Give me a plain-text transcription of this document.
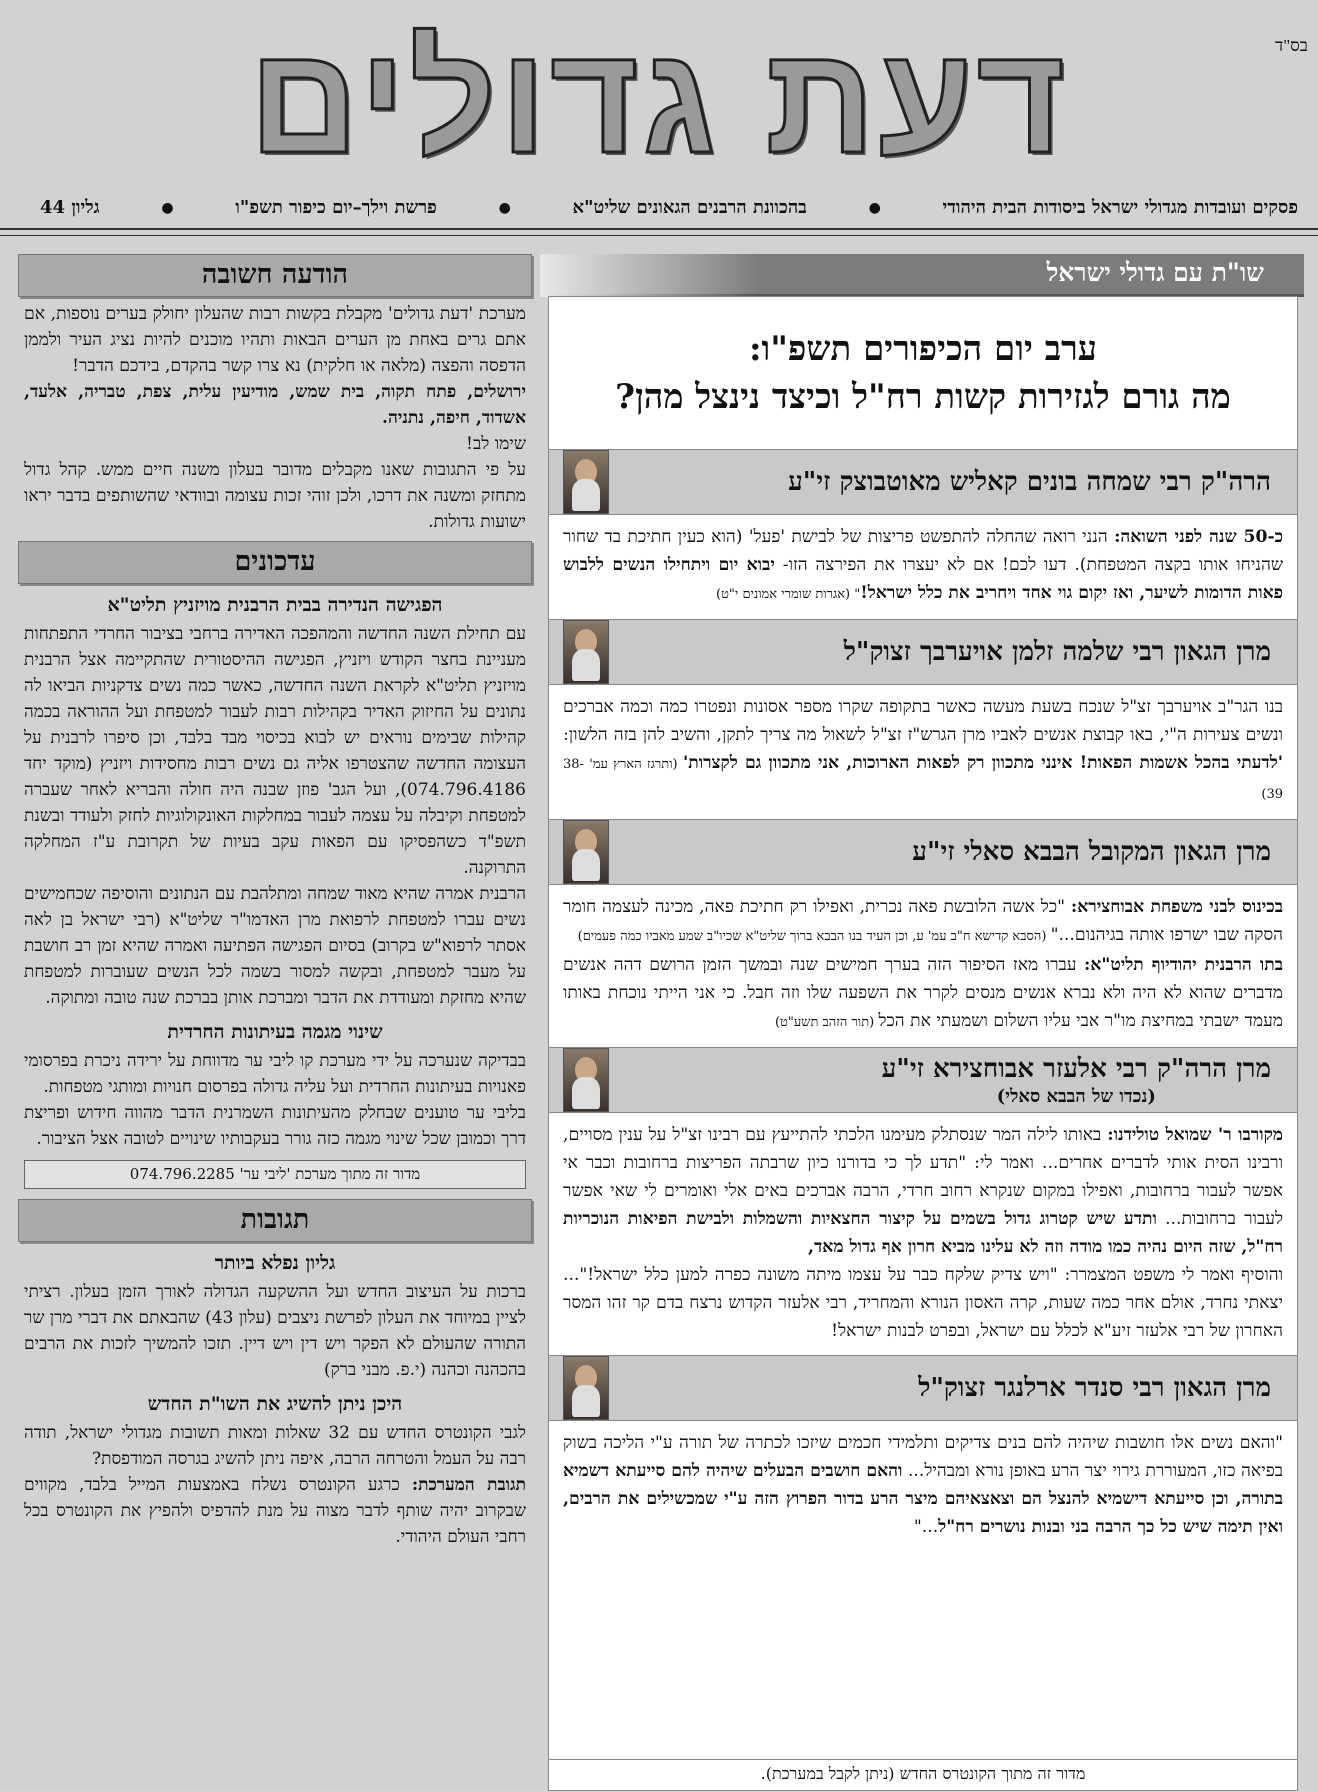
בס"ד
דעת גדולים
פסקים ועובדות מגדולי ישראל ביסודות הבית היהודי
●
בהכוונת הרבנים הגאונים שליט"א
●
פרשת וילך–יום כיפור תשפ"ו
●
גליון 44
שו"ת עם גדולי ישראל
ערב יום הכיפורים תשפ"ו:
מה גורם לגזירות קשות רח"ל וכיצד נינצל מהן?
הרה"ק רבי שמחה בונים קאליש מאוטבוצק זי"ע
כ-50 שנה לפני השואה: הנני רואה שהחלה להתפשט פריצות של לבישת 'פעל' (הוא כעין חתיכת בד שחור שהניחו אותו בקצה המטפחת). דעו לכם! אם לא יעצרו את הפירצה הזו- יבוא יום ויתחילו הנשים ללבוש פאות הדומות לשיער, ואז יקום גוי אחד ויחריב את כלל ישראל!" (אגרות שומרי אמונים י"ט)
מרן הגאון רבי שלמה זלמן אויערבך זצוק"ל
בנו הגר"ב אויערבך זצ"ל שנכח בשעת מעשה כאשר בתקופה שקרו מספר אסונות ונפטרו כמה וכמה אברכים ונשים צעירות ה"י, באו קבוצת אנשים לאביו מרן הגרש"ז זצ"ל לשאול מה צריך לתקן, והשיב להן בזה הלשון: 'לדעתי בהכל אשמות הפאות! אינני מתכוון רק לפאות הארוכות, אני מתכוון גם לקצרות' (ותרגז הארץ עמ' 38-39)
מרן הגאון המקובל הבבא סאלי זי"ע
בכינוס לבני משפחת אבוחצירא: "כל אשה הלובשת פאה נכרית, ואפילו רק חתיכת פאה, מכינה לעצמה חומר הסקה שבו ישרפו אותה בגיהנום..." (הסבא קדישא ח"ב עמ' ע, וכן העיד בנו הבבא ברוך שליט"א שכיו"ב שמע מאביו כמה פעמים)
בתו הרבנית יהודיוף תליט"א: עברו מאז הסיפור הזה בערך חמישים שנה ובמשך הזמן הרושם דהה אנשים מדברים שהוא לא היה ולא נברא אנשים מנסים לקרר את השפעה שלו וזה חבל. כי אני הייתי נוכחת באותו מעמד ישבתי במחיצת מו"ר אבי עליו השלום ושמעתי את הכל (תור הזהב תשע"ט)
מרן הרה"ק רבי אלעזר אבוחצירא זי"ע
(נכדו של הבבא סאלי)
מקורבו ר' שמואל טולידנו: באותו לילה המר שנסתלק מעימנו הלכתי להתייעץ עם רבינו זצ"ל על ענין מסויים, ורבינו הסית אותי לדברים אחרים... ואמר לי: "תדע לך כי בדורנו כיון שרבתה הפריצות ברחובות וכבר אי אפשר לעבור ברחובות, ואפילו במקום שנקרא רחוב חרדי, הרבה אברכים באים אלי ואומרים לי שאי אפשר לעבור ברחובות... ותדע שיש קטרוג גדול בשמים על קיצור החצאיות והשמלות ולבישת הפיאות הנוכריות רח"ל, שזה היום נהיה כמו מודה וזה לא עלינו מביא חרון אף גדול מאד,
והוסיף ואמר לי משפט המצמרר: "ויש צדיק שלקח כבר על עצמו מיתה משונה כפרה למען כלל ישראל!"... יצאתי נחרד, אולם אחר כמה שעות, קרה האסון הנורא והמחריד, רבי אלעזר הקדוש נרצח בדם קר זהו המסר האחרון של רבי אלעזר זיע"א לכלל עם ישראל, ובפרט לבנות ישראל!
מרן הגאון רבי סנדר ארלנגר זצוק"ל
"והאם נשים אלו חושבות שיהיה להם בנים צדיקים ותלמידי חכמים שיזכו לכתרה של תורה ע"י הליכה בשוק בפיאה כזו, המעוררת גירוי יצר הרע באופן נורא ומבהיל... והאם חושבים הבעלים שיהיה להם סייעתא דשמיא בתורה, וכן סייעתא דישמיא להנצל הם וצאצאיהם מיצר הרע בדור הפרוץ הזה ע"י שמכשילים את הרבים, ואין תימה שיש כל כך הרבה בני ובנות נושרים רח"ל..."
מדור זה מתוך הקונטרס החדש (ניתן לקבל במערכת).
הודעה חשובה
מערכת 'דעת גדולים' מקבלת בקשות רבות שהעלון יחולק בערים נוספות, אם אתם גרים באחת מן הערים הבאות ותהיו מוכנים להיות נציג העיר ולממן הדפסה והפצה (מלאה או חלקית) נא צרו קשר בהקדם, בידכם הדבר!
ירושלים, פתח תקוה, בית שמש, מודיעין עלית, צפת, טבריה, אלעד, אשדוד, חיפה, נתניה.
שימו לב!
על פי התגובות שאנו מקבלים מדובר בעלון משנה חיים ממש. קהל גדול מתחזק ומשנה את דרכו, ולכן זוהי זכות עצומה ובוודאי שהשותפים בדבר יראו ישועות גדולות.
עדכונים
הפגישה הנדירה בבית הרבנית מויזניץ תליט"א
עם תחילת השנה החדשה והמהפכה האדירה ברחבי בציבור החרדי התפתחות מעניינת בחצר הקודש ויזניץ, הפגישה ההיסטורית שהתקיימה אצל הרבנית מויזניץ תליט"א לקראת השנה החדשה, כאשר כמה נשים צדקניות הביאו לה נתונים על החיזוק האדיר בקהילות רבות לעבור למטפחת ועל ההוראה בכמה קהילות שבימים נוראים יש לבוא בכיסוי מבד בלבד, וכן סיפרו לרבנית על העצומה החדשה שהצטרפו אליה גם נשים רבות מחסידות ויזניץ (מוקד יחד 074.796.4186), ועל הגב' פוזן שבנה היה חולה והבריא לאחר שעברה למטפחת וקיבלה על עצמה לעבור במחלקות האונקולוגיות לחזק ולעודד ובשנת תשפ"ד כשהפסיקו עם הפאות עקב בעיות של תקרובת ע"ז המחלקה התרוקנה.
הרבנית אמרה שהיא מאוד שמחה ומתלהבת עם הנתונים והוסיפה שכחמישים נשים עברו למטפחת לרפואת מרן האדמו"ר שליט"א (רבי ישראל בן לאה אסתר לרפוא"ש בקרוב) בסיום הפגישה הפתיעה ואמרה שהיא זמן רב חושבת על מעבר למטפחת, ובקשה למסור בשמה לכל הנשים שעוברות למטפחת שהיא מחזקת ומעודדת את הדבר ומברכת אותן בברכת שנה טובה ומתוקה.
שינוי מגמה בעיתונות החרדית
בבדיקה שנערכה על ידי מערכת קו ליבי ער מדווחת על ירידה ניכרת בפרסומי פאנויות בעיתונות החרדית ועל עליה גדולה בפרסום חנויות ומותגי מטפחות.
בליבי ער טוענים שבחלק מהעיתונות השמרנית הדבר מהווה חידוש ופריצת דרך וכמובן שכל שינוי מגמה כזה גורר בעקבותיו שינויים לטובה אצל הציבור.
מדור זה מתוך מערכת 'ליבי ער' 074.796.2285
תגובות
גליון נפלא ביותר
ברכות על העיצוב החדש ועל ההשקעה הגדולה לאורך הזמן בעלון. רציתי לציין במיוחד את העלון לפרשת ניצבים (עלון 43) שהבאתם את דברי מרן שר התורה שהעולם לא הפקר ויש דין ויש דיין. תזכו להמשיך לזכות את הרבים בהכהנה וכהנה (י.פ. מבני ברק)
היכן ניתן להשיג את השו"ת החדש
לגבי הקונטרס החדש עם 32 שאלות ומאות תשובות מגדולי ישראל, תודה רבה על העמל והטרחה הרבה, איפה ניתן להשיג בגרסה המודפסת?
תגובת המערכת: כרגע הקונטרס נשלח באמצעות המייל בלבד, מקווים שבקרוב יהיה שותף לדבר מצוה על מנת להדפיס ולהפיץ את הקונטרס בכל רחבי העולם היהודי.
